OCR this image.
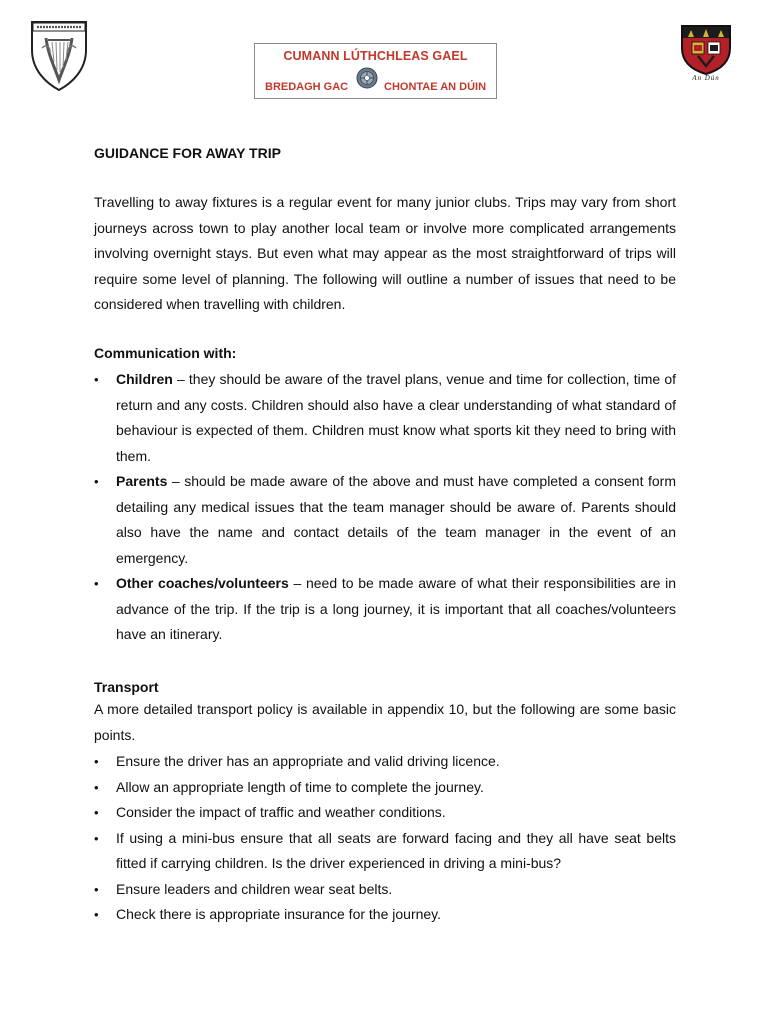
CUMANN LÚTHCHLEAS GAEL
BREDAGH GAC	CHONTAE AN DÚIN
An Dún
GUIDANCE FOR AWAY TRIP

Travelling to away fixtures is a regular event for many junior clubs. Trips may vary from short journeys across town to play another local team or involve more complicated arrangements involving overnight stays. But even what may appear as the most straightforward of trips will require some level of planning. The following will outline a number of issues that need to be considered when travelling with children.

Communication with:
•	Children – they should be aware of the travel plans, venue and time for collection, time of return and any costs. Children should also have a clear understanding of what standard of behaviour is expected of them. Children must know what sports kit they need to bring with them.
•	Parents – should be made aware of the above and must have completed a consent form detailing any medical issues that the team manager should be aware of. Parents should also have the name and contact details of the team manager in the event of an emergency.
•	Other coaches/volunteers – need to be made aware of what their responsibilities are in advance of the trip. If the trip is a long journey, it is important that all coaches/volunteers have an itinerary.
Transport

A more detailed transport policy is available in appendix 10, but the following are some basic points.

•	Ensure the driver has an appropriate and valid driving licence.
•	Allow an appropriate length of time to complete the journey.
•	Consider the impact of traffic and weather conditions.
•	If using a mini-bus ensure that all seats are forward facing and they all have seat belts fitted if carrying children. Is the driver experienced in driving a mini-bus?
•	Ensure leaders and children wear seat belts.
•	Check there is appropriate insurance for the journey.
